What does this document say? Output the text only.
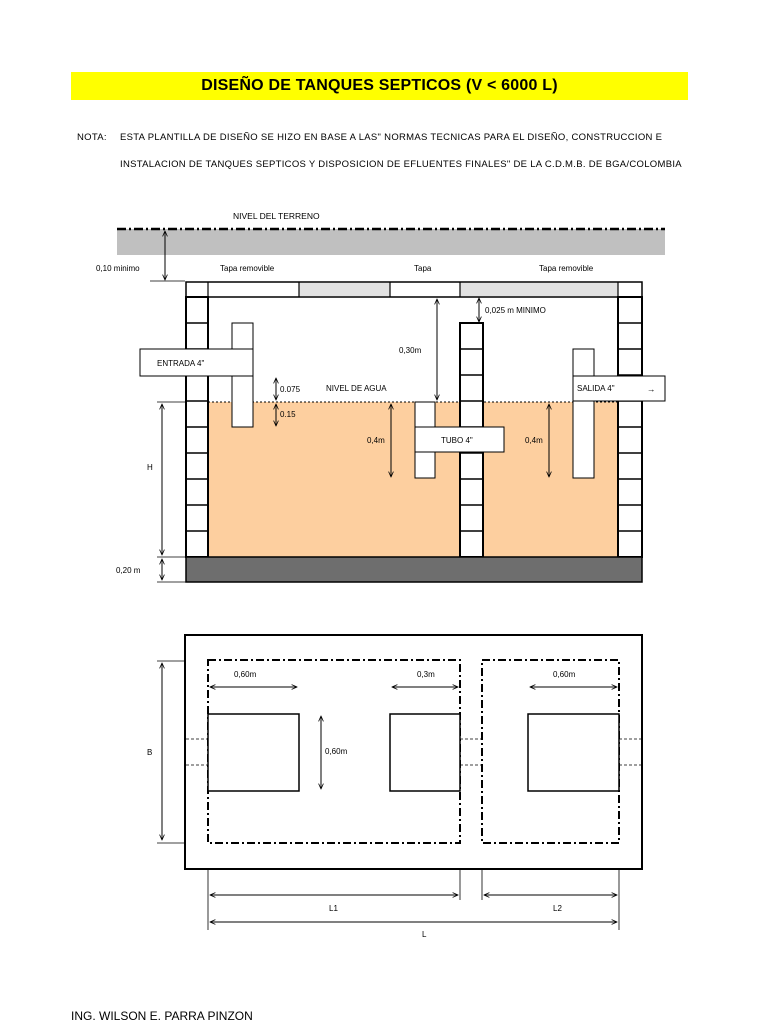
DISEÑO DE TANQUES SEPTICOS (V < 6000 L)
NOTA: ESTA PLANTILLA DE DISEÑO SE HIZO EN BASE A LAS" NORMAS TECNICAS PARA EL DISEÑO, CONSTRUCCION E
INSTALACION DE TANQUES SEPTICOS Y DISPOSICION DE EFLUENTES FINALES" DE LA C.D.M.B. DE BGA/COLOMBIA
NIVEL DEL TERRENO
0,10 minimo	Tapa removible	Tapa	Tapa removible
ENTRADA 4"
SALIDA 4"	→
TUBO 4"
0,30m
0,025 m MINIMO
0.075
0.15
NIVEL DE AGUA
0,4m	0,4m
H
0,20 m
0,60m	0,3m	0,60m
0,60m
B
L1	L2
L
ING. WILSON E. PARRA PINZON
